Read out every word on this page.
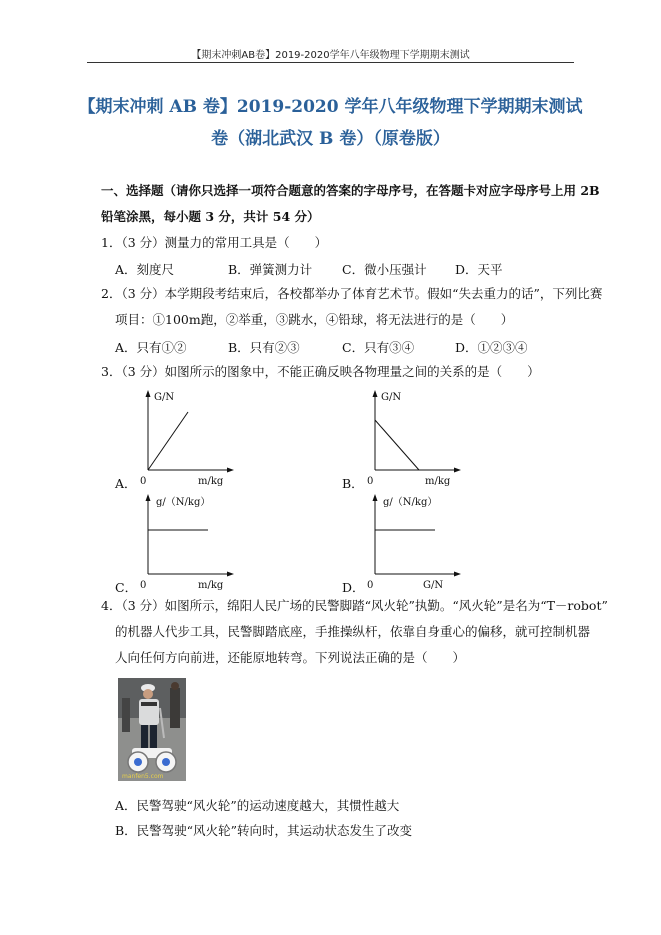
【期末冲刺AB卷】2019-2020学年八年级物理下学期期末测试
【期末冲刺 AB 卷】2019-2020 学年八年级物理下学期期末测试
卷（湖北武汉 B 卷）（原卷版）
一、选择题（请你只选择一项符合题意的答案的字母序号，在答题卡对应字母序号上用 2B
铅笔涂黑，每小题 3 分，共计 54 分）
1．（3 分）测量力的常用工具是（　　）
A．刻度尺	B．弹簧测力计 C．微小压强计 D．天平
2．（3 分）本学期段考结束后，各校都举办了体育艺术节。假如“失去重力的话”，下列比赛
项目：①100m跑，②举重，③跳水，④铅球，将无法进行的是（　　）
A．只有①②	B．只有②③	C．只有③④	D．①②③④
3．（3 分）如图所示的图象中，不能正确反映各物理量之间的关系的是（　　）
A．
G/N
m/kg
0	B．
G/N
m/kg
0
C．
g/（N/kg）
m/kg
0	D．
g/（N/kg）
G/N
0
4．（3 分）如图所示，绵阳人民广场的民警脚踏“风火轮”执勤。“风火轮”是名为“T－robot”
的机器人代步工具，民警脚踏底座，手推操纵杆，依靠自身重心的偏移，就可控制机器
人向任何方向前进，还能原地转弯。下列说法正确的是（　　）
manfen5.com
A．民警驾驶“风火轮”的运动速度越大，其惯性越大
B．民警驾驶“风火轮”转向时，其运动状态发生了改变
